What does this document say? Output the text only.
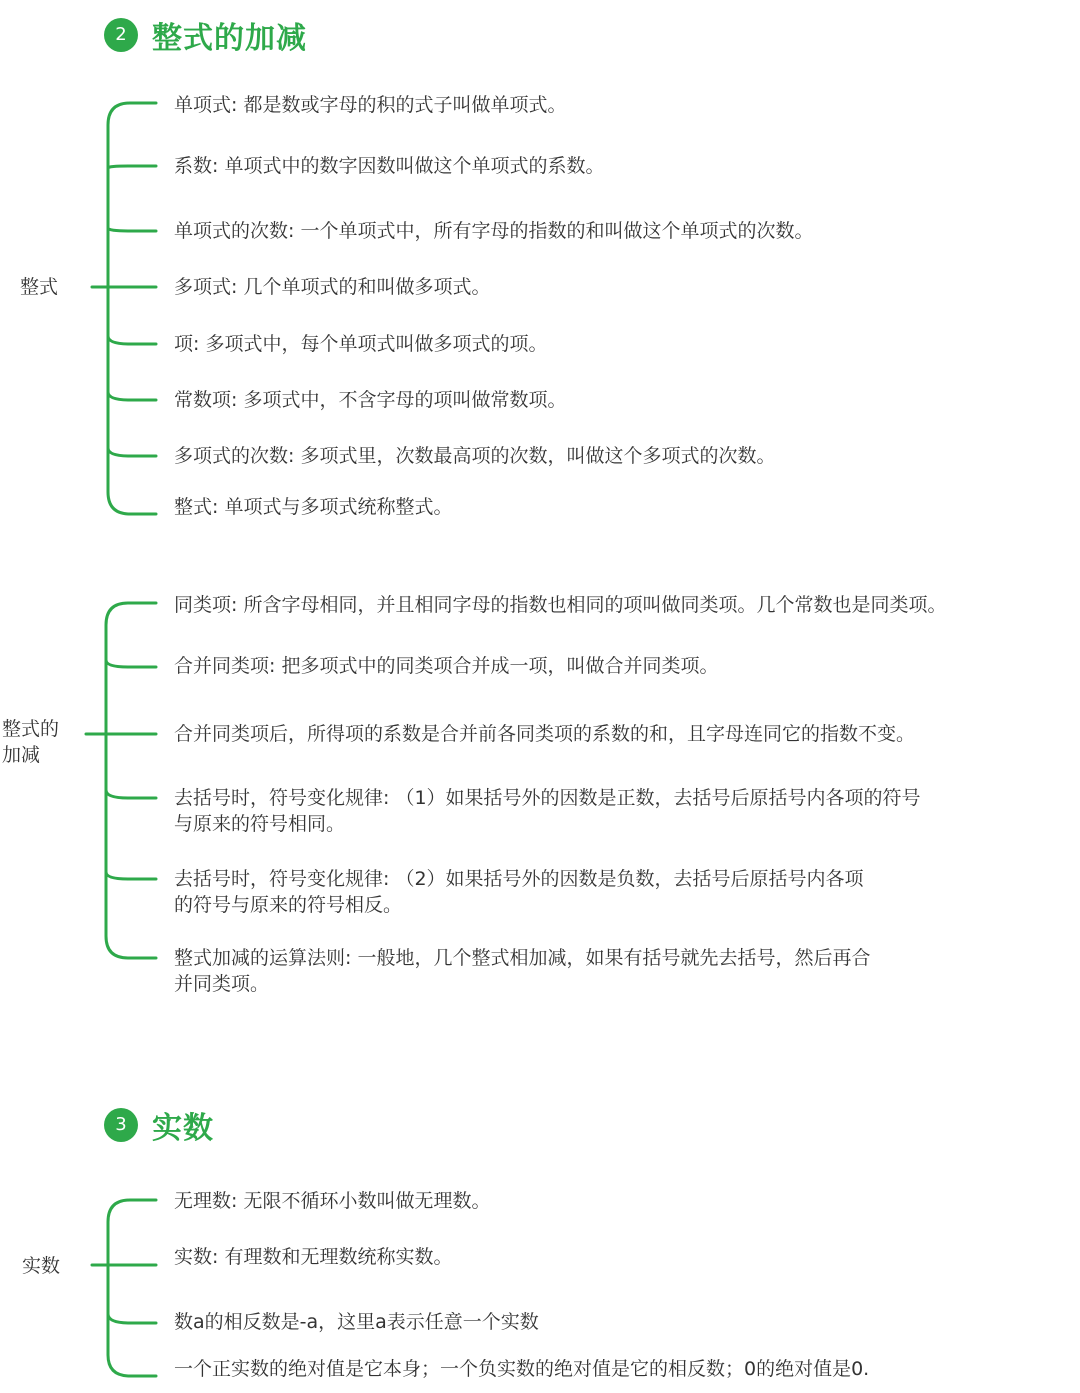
2 整式的加减
整式
单项式: 都是数或字母的积的式子叫做单项式。
系数: 单项式中的数字因数叫做这个单项式的系数。
单项式的次数: 一个单项式中，所有字母的指数的和叫做这个单项式的次数。
多项式: 几个单项式的和叫做多项式。
项: 多项式中，每个单项式叫做多项式的项。
常数项: 多项式中，不含字母的项叫做常数项。
多项式的次数: 多项式里，次数最高项的次数，叫做这个多项式的次数。
整式: 单项式与多项式统称整式。
整式的
加减
同类项: 所含字母相同，并且相同字母的指数也相同的项叫做同类项。几个常数也是同类项。
合并同类项: 把多项式中的同类项合并成一项，叫做合并同类项。
合并同类项后，所得项的系数是合并前各同类项的系数的和，且字母连同它的指数不变。
去括号时，符号变化规律: （1）如果括号外的因数是正数，去括号后原括号内各项的符号
与原来的符号相同。
去括号时，符号变化规律: （2）如果括号外的因数是负数，去括号后原括号内各项
的符号与原来的符号相反。
整式加减的运算法则: 一般地，几个整式相加减，如果有括号就先去括号，然后再合
并同类项。
3 实数
实数
无理数: 无限不循环小数叫做无理数。
实数: 有理数和无理数统称实数。
数a的相反数是-a，这里a表示任意一个实数
一个正实数的绝对值是它本身；一个负实数的绝对值是它的相反数；0的绝对值是0.
